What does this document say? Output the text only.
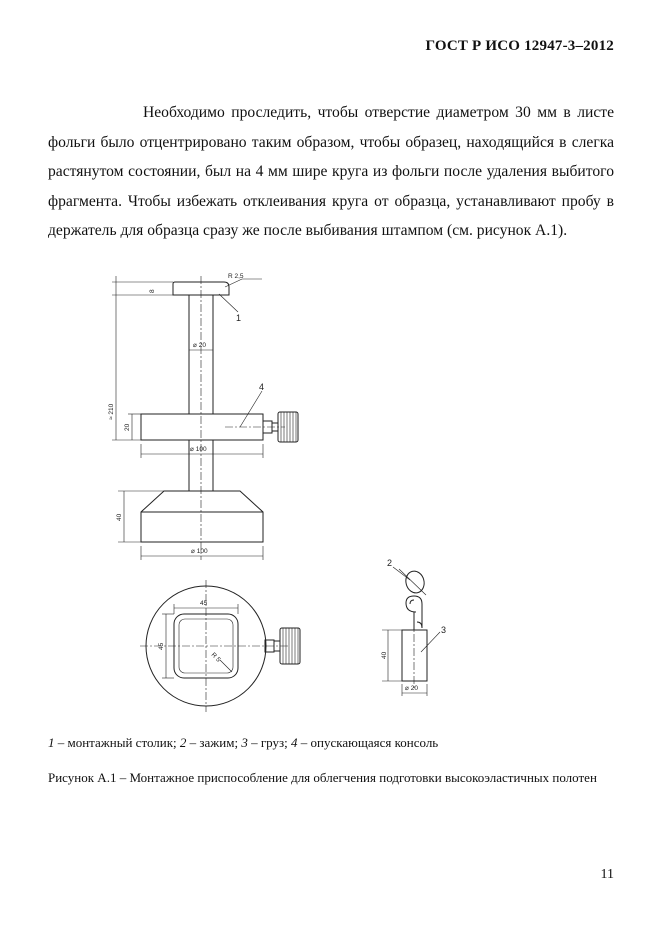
ГОСТ Р ИСО 12947-3–2012

Необходимо проследить, чтобы отверстие диаметром 30 мм в листе фольги было отцентрировано таким образом, чтобы образец, находящийся в слегка растянутом состоянии, был на 4 мм шире круга из фольги после удаления выбитого фрагмента. Чтобы избежать отклеивания круга от образца, устанавливают пробу в держатель для образца сразу же после выбивания штампом (см. рисунок А.1).

R 2,5
8
⌀ 20
≈ 210
20
⌀ 100
40
⌀ 100
45
45
R 5	40
⌀ 20
1
2
3
4
1 – монтажный столик; 2 – зажим; 3 – груз; 4 – опускающаяся консоль
Рисунок А.1 – Монтажное приспособление для облегчения подготовки высокоэластичных полотен
11
